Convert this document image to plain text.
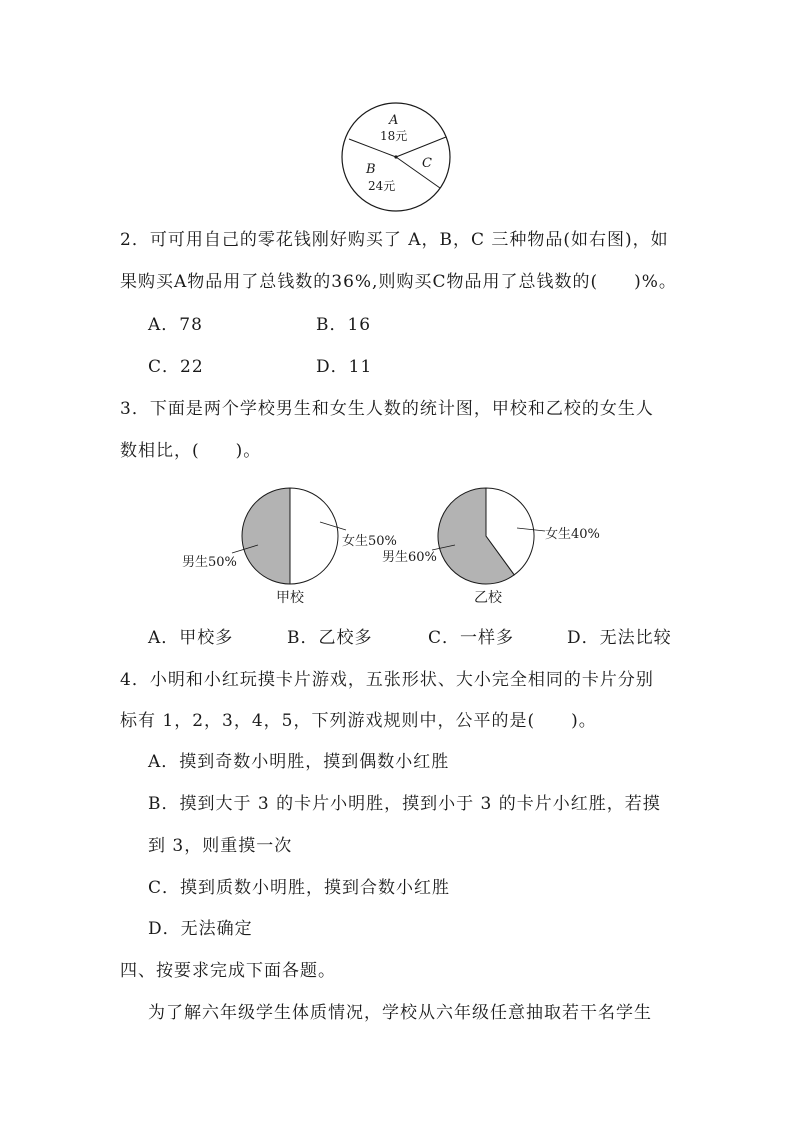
A
18元
B
24元
C
2．可可用自己的零花钱刚好购买了 A，B，C 三种物品(如右图)，如
果购买A物品用了总钱数的36%,则购买C物品用了总钱数的(　　)%。
A．78	B．16
C．22	D．11
3．下面是两个学校男生和女生人数的统计图，甲校和乙校的女生人
数相比，(　　)。
女生50%
男生50%
甲校
女生40%
男生60%
乙校
A．甲校多	B．乙校多	C．一样多	D．无法比较
4．小明和小红玩摸卡片游戏，五张形状、大小完全相同的卡片分别
标有 1，2，3，4，5，下列游戏规则中，公平的是(　　)。
A．摸到奇数小明胜，摸到偶数小红胜
B．摸到大于 3 的卡片小明胜，摸到小于 3 的卡片小红胜，若摸
到 3，则重摸一次
C．摸到质数小明胜，摸到合数小红胜
D．无法确定
四、按要求完成下面各题。
为了解六年级学生体质情况，学校从六年级任意抽取若干名学生
